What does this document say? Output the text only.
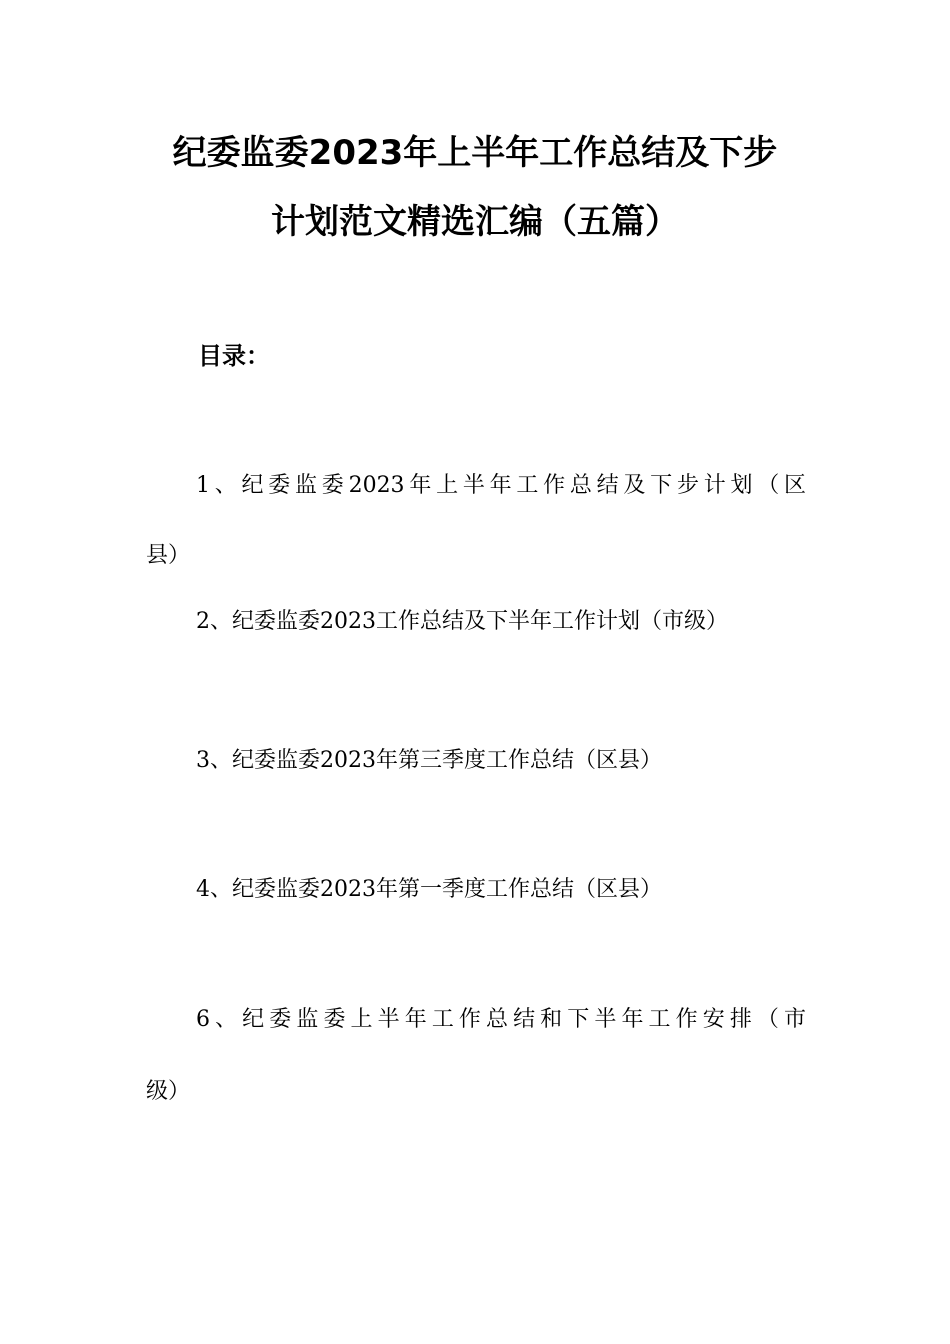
纪委监委2023年上半年工作总结及下步
计划范文精选汇编（五篇）
目录：
1、纪委监委2023年上半年工作总结及下步计划（区
县）
2、纪委监委2023工作总结及下半年工作计划（市级）
3、纪委监委2023年第三季度工作总结（区县）
4、纪委监委2023年第一季度工作总结（区县）
6、纪委监委上半年工作总结和下半年工作安排（市
级）
